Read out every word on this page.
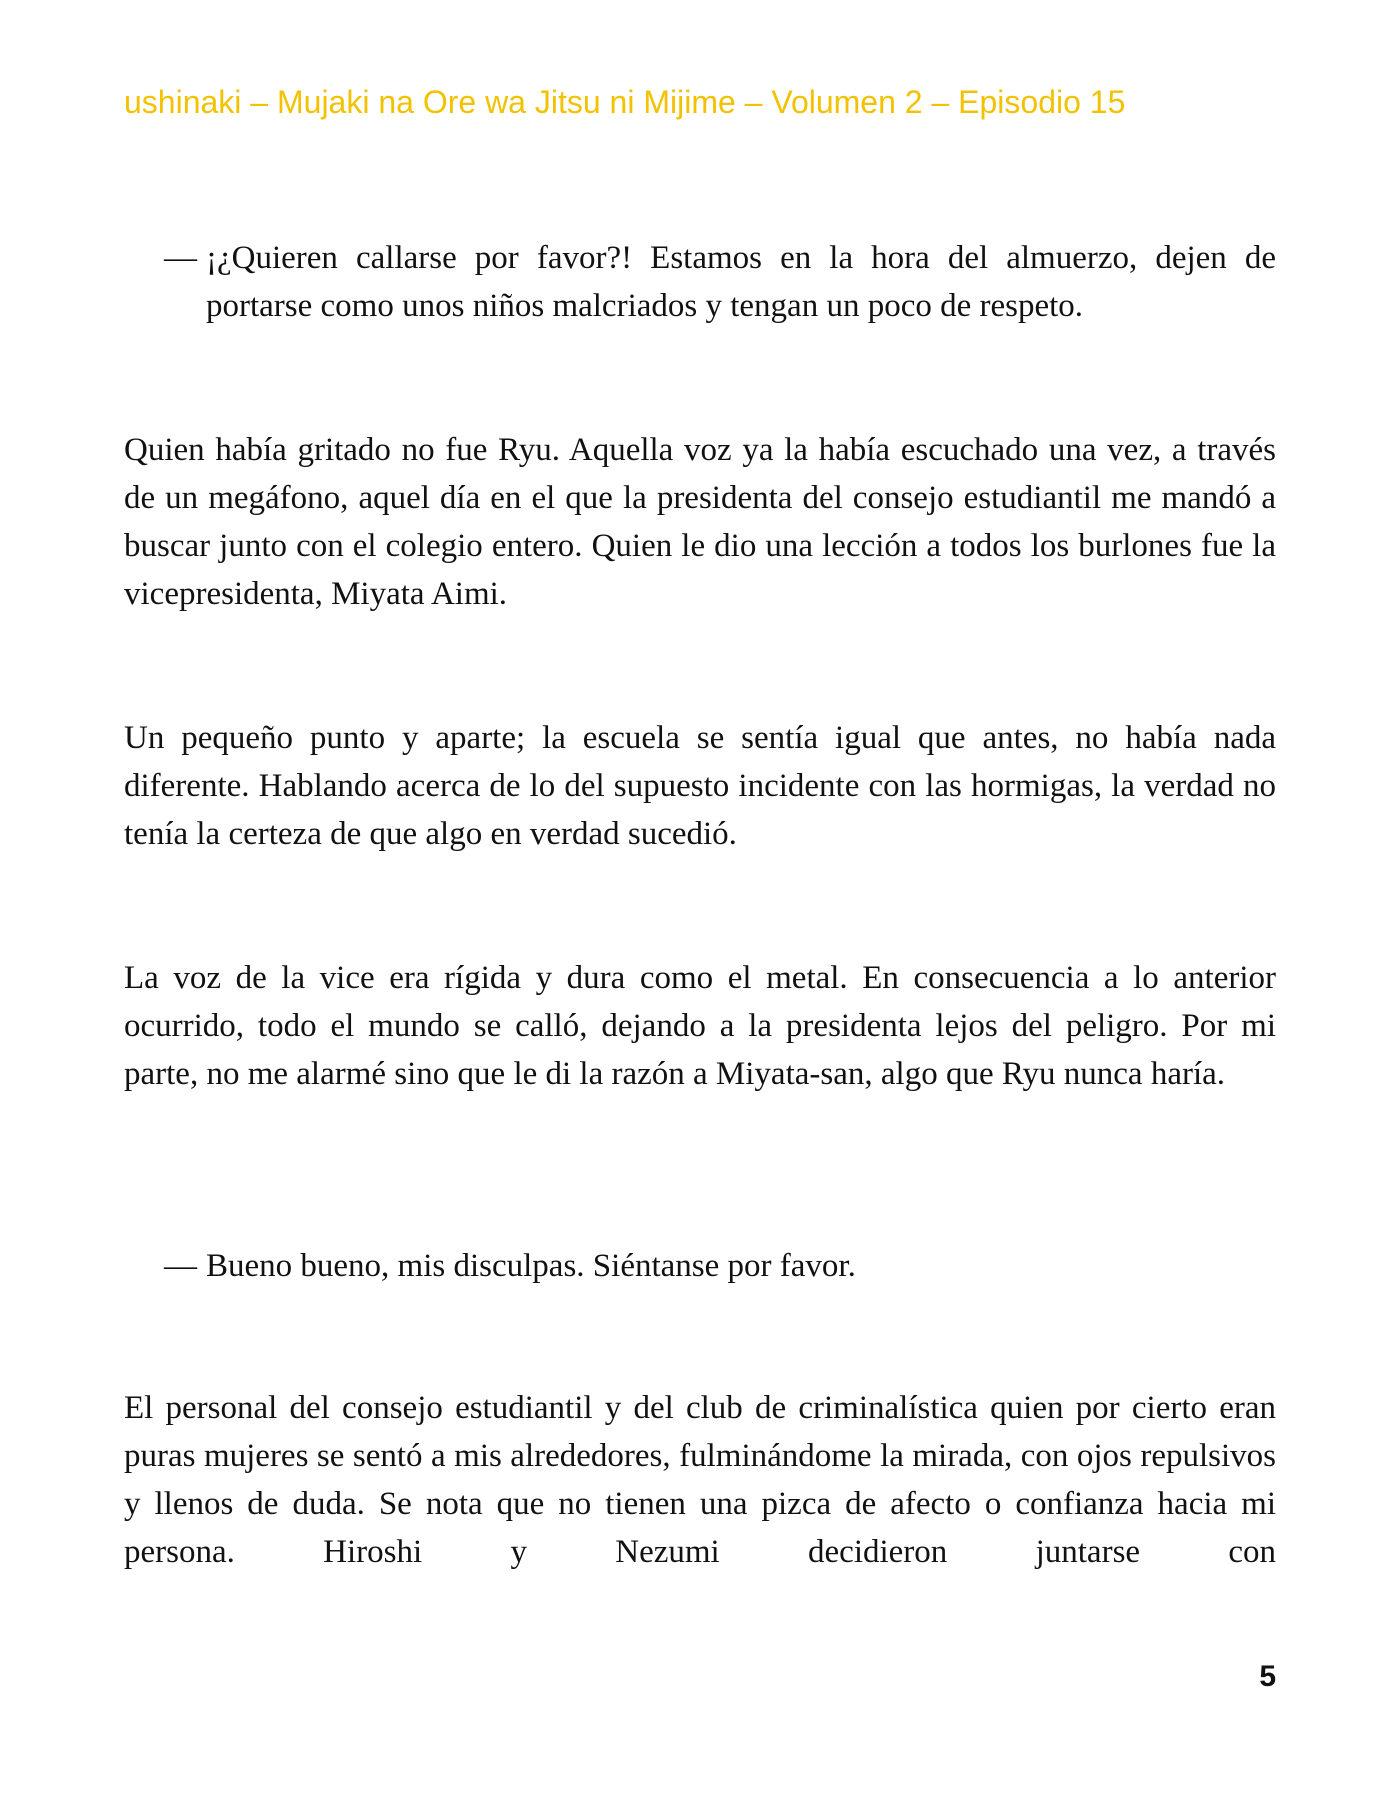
ushinaki – Mujaki na Ore wa Jitsu ni Mijime – Volumen 2 – Episodio 15
— ¡¿Quieren callarse por favor?! Estamos en la hora del almuerzo, dejen de portarse como unos niños malcriados y tengan un poco de respeto.
Quien había gritado no fue Ryu. Aquella voz ya la había escuchado una vez, a través de un megáfono, aquel día en el que la presidenta del consejo estudiantil me mandó a buscar junto con el colegio entero. Quien le dio una lección a todos los burlones fue la vicepresidenta, Miyata Aimi.
Un pequeño punto y aparte; la escuela se sentía igual que antes, no había nada diferente. Hablando acerca de lo del supuesto incidente con las hormigas, la verdad no tenía la certeza de que algo en verdad sucedió.
La voz de la vice era rígida y dura como el metal. En consecuencia a lo anterior ocurrido, todo el mundo se calló, dejando a la presidenta lejos del peligro. Por mi parte, no me alarmé sino que le di la razón a Miyata-san, algo que Ryu nunca haría.
— Bueno bueno, mis disculpas. Siéntanse por favor.
El personal del consejo estudiantil y del club de criminalística quien por cierto eran puras mujeres se sentó a mis alrededores, fulminándome la mirada, con ojos repulsivos y llenos de duda. Se nota que no tienen una pizca de afecto o confianza hacia mi persona. Hiroshi y Nezumi decidieron juntarse con
5
